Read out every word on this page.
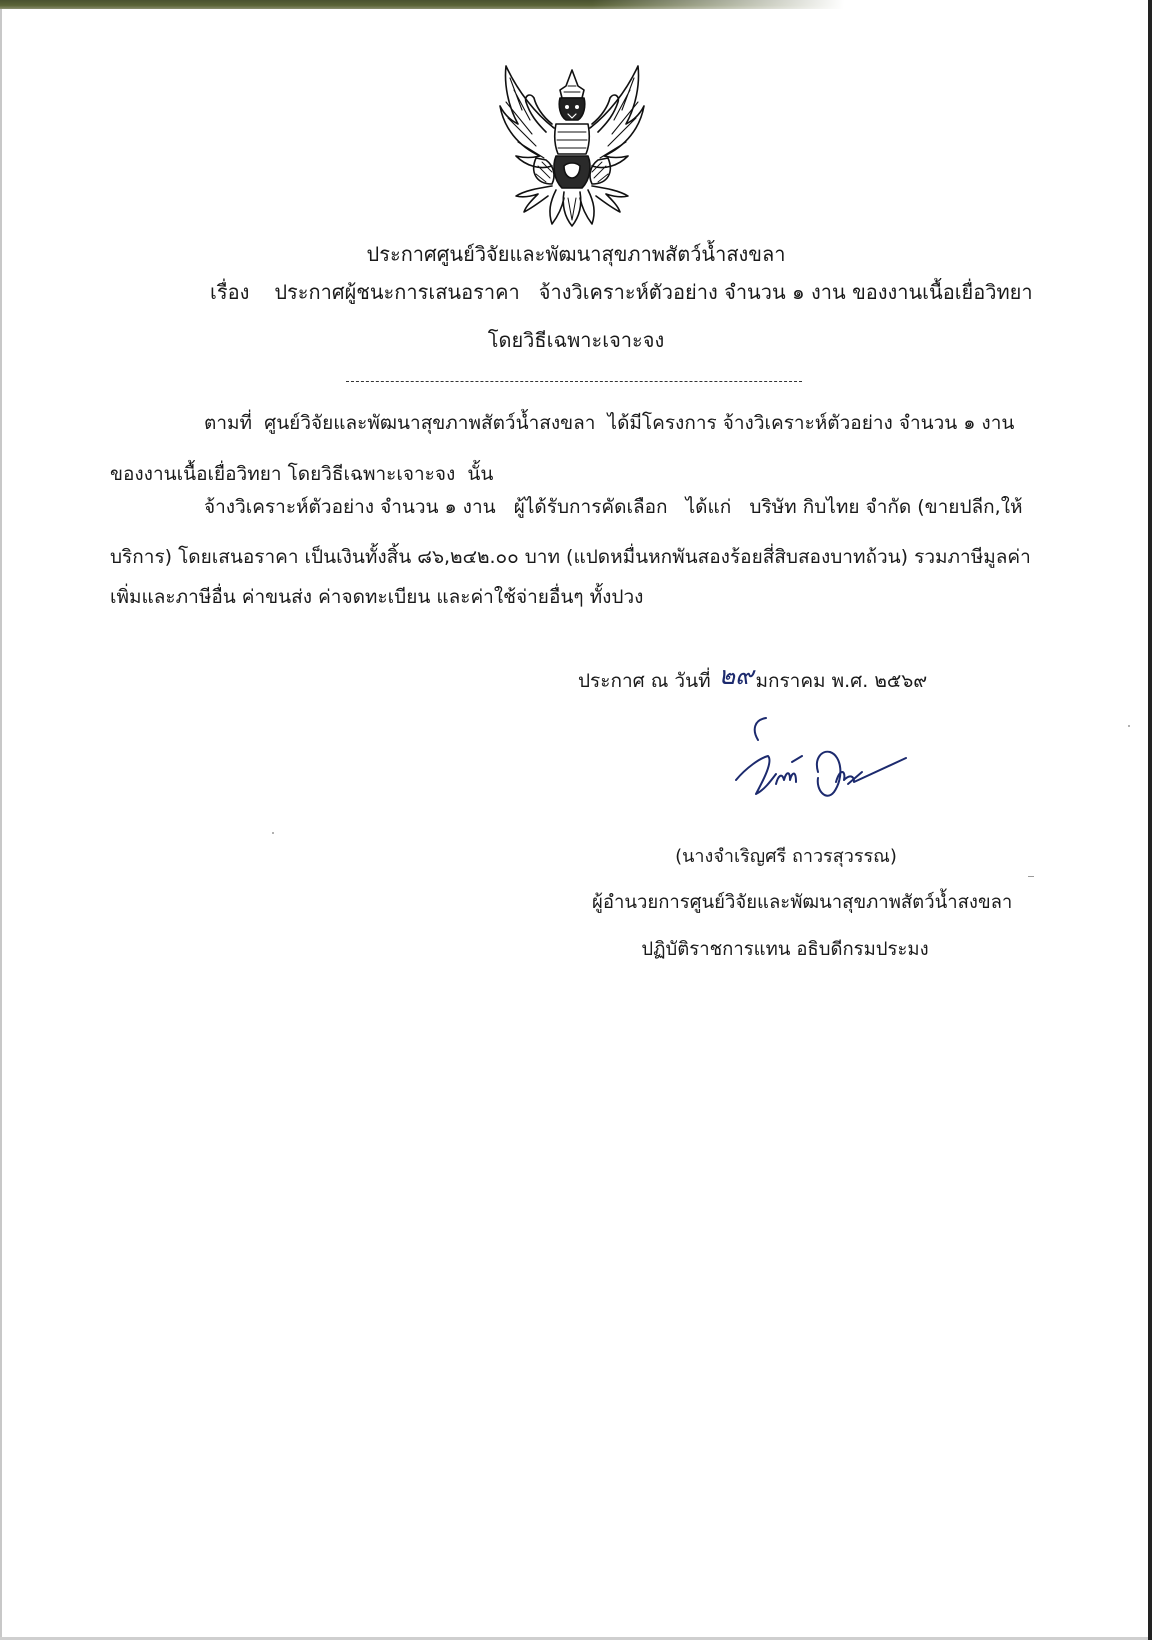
ประกาศศูนย์วิจัยและพัฒนาสุขภาพสัตว์น้ำสงขลา
เรื่อง ประกาศผู้ชนะการเสนอราคา   จ้างวิเคราะห์ตัวอย่าง จำนวน ๑ งาน ของงานเนื้อเยื่อวิทยา
โดยวิธีเฉพาะเจาะจง
ตามที่  ศูนย์วิจัยและพัฒนาสุขภาพสัตว์น้ำสงขลา  ได้มีโครงการ จ้างวิเคราะห์ตัวอย่าง จำนวน ๑ งาน
ของงานเนื้อเยื่อวิทยา โดยวิธีเฉพาะเจาะจง  นั้น
จ้างวิเคราะห์ตัวอย่าง จำนวน ๑ งาน   ผู้ได้รับการคัดเลือก   ได้แก่   บริษัท กิบไทย จำกัด (ขายปลีก,ให้
บริการ) โดยเสนอราคา เป็นเงินทั้งสิ้น ๘๖,๒๔๒.๐๐ บาท (แปดหมื่นหกพันสองร้อยสี่สิบสองบาทถ้วน) รวมภาษีมูลค่า
เพิ่มและภาษีอื่น ค่าขนส่ง ค่าจดทะเบียน และค่าใช้จ่ายอื่นๆ ทั้งปวง
ประกาศ ณ วันที่ ๒๙ มกราคม พ.ศ. ๒๕๖๙
(นางจำเริญศรี ถาวรสุวรรณ)
ผู้อำนวยการศูนย์วิจัยและพัฒนาสุขภาพสัตว์น้ำสงขลา
ปฏิบัติราชการแทน อธิบดีกรมประมง
